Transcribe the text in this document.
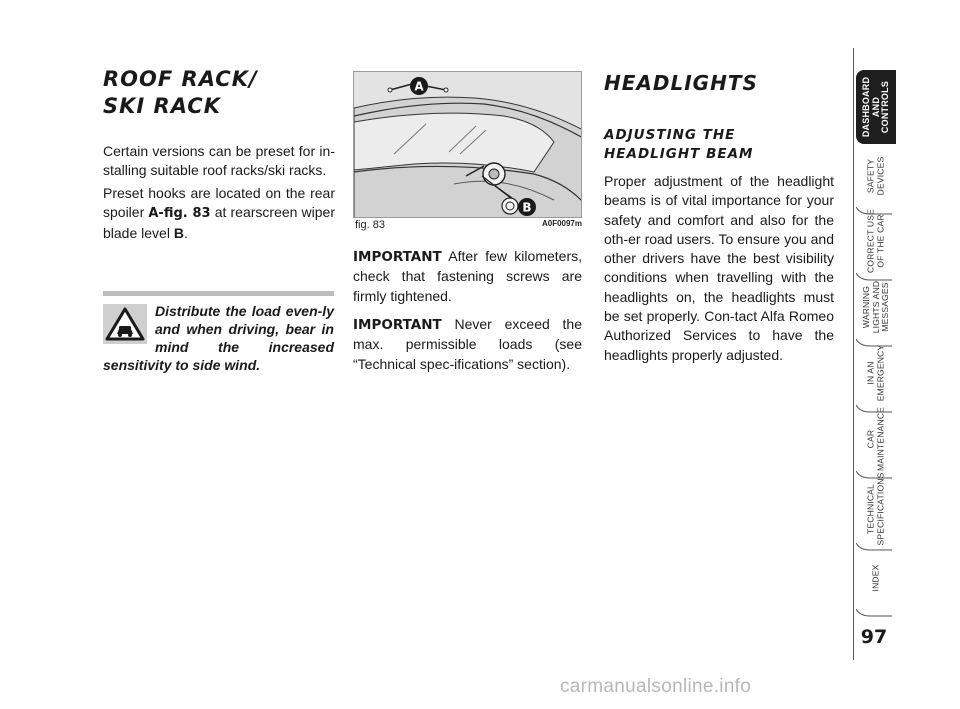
ROOF RACK/
SKI RACK

Certain versions can be preset for in-stalling suitable roof racks/ski racks.

Preset hooks are located on the rear spoiler A-fig. 83 at rearscreen wiper blade level B.

Distribute the load even-ly and when driving, bear in mind the increased sensitivity to side wind.

A
B
fig. 83	A0F0097m

IMPORTANT After few kilometers, check that fastening screws are firmly tightened.

IMPORTANT Never exceed the max. permissible loads (see “Technical spec-ifications” section).

HEADLIGHTS
ADJUSTING THE
HEADLIGHT BEAM

Proper adjustment of the headlight beams is of vital importance for your safety and comfort and also for the oth-er road users. To ensure you and other drivers have the best visibility conditions when travelling with the headlights on, the headlights must be set properly. Con-tact Alfa Romeo Authorized Services to have the headlights properly adjusted.

DASHBOARD
AND
CONTROLS
SAFETY
DEVICES
CORRECT USE
OF THE CAR
WARNING
LIGHTS AND
MESSAGES
IN AN
EMERGENCY
CAR
MAINTENANCE
TECHNICAL
SPECIFICATIONS
INDEX
97
carmanualsonline.info
